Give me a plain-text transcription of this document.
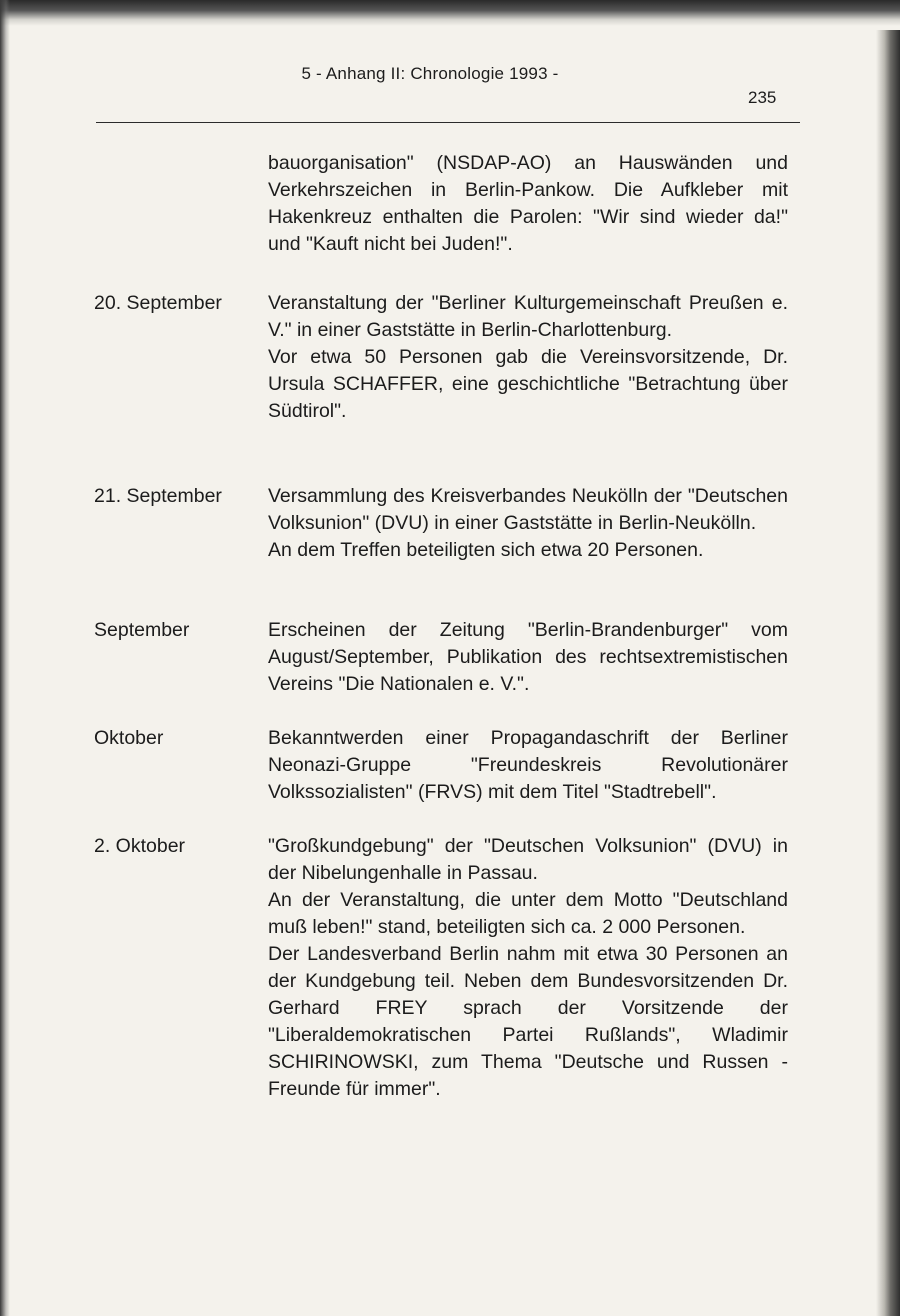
5 - Anhang II: Chronologie 1993 -
235

bauorganisation" (NSDAP-AO) an Hauswänden und Verkehrszeichen in Berlin-Pankow. Die Aufkleber mit Hakenkreuz enthalten die Parolen: "Wir sind wieder da!" und "Kauft nicht bei Juden!".

20. September Veranstaltung der "Berliner Kulturgemeinschaft Preußen e. V." in einer Gaststätte in Berlin-Charlottenburg.

Vor etwa 50 Personen gab die Vereinsvorsitzende, Dr. Ursula SCHAFFER, eine geschichtliche "Betrachtung über Südtirol".

21. September Versammlung des Kreisverbandes Neukölln der "Deutschen Volksunion" (DVU) in einer Gaststätte in Berlin-Neukölln.

An dem Treffen beteiligten sich etwa 20 Personen.

September	Erscheinen der Zeitung "Berlin-Brandenburger" vom August/September, Publikation des rechtsextremistischen Vereins "Die Nationalen e. V.".

Oktober	Bekanntwerden einer Propagandaschrift der Berliner Neonazi-Gruppe "Freundeskreis Revolutionärer Volkssozialisten" (FRVS) mit dem Titel "Stadtrebell".

2. Oktober	"Großkundgebung" der "Deutschen Volksunion" (DVU) in der Nibelungenhalle in Passau.

An der Veranstaltung, die unter dem Motto "Deutschland muß leben!" stand, beteiligten sich ca. 2 000 Personen.

Der Landesverband Berlin nahm mit etwa 30 Personen an der Kundgebung teil. Neben dem Bundesvorsitzenden Dr. Gerhard FREY sprach der Vorsitzende der "Liberaldemokratischen Partei Rußlands", Wladimir SCHIRINOWSKI, zum Thema "Deutsche und Russen - Freunde für immer".
